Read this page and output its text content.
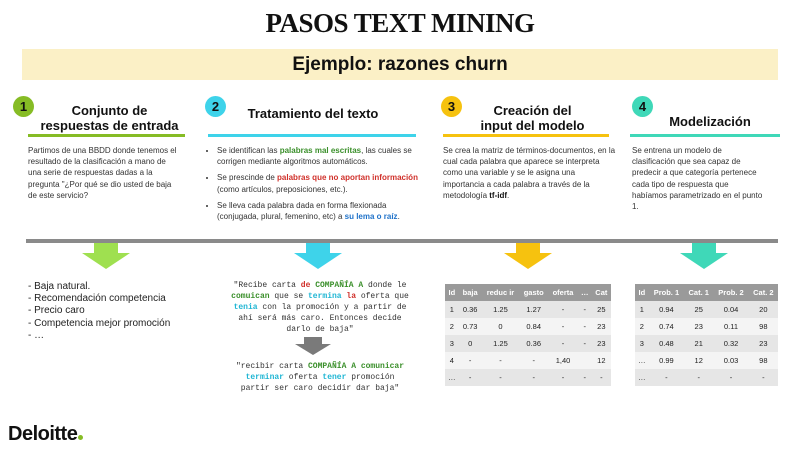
PASOS TEXT MINING
Ejemplo: razones churn
1	Conjunto de
respuestas de entrada
Partimos de una BBDD donde tenemos el
resultado de la clasificación a mano de
una serie de respuestas dadas a la
pregunta "¿Por qué se dio usted de baja
de este servicio?
2	Tratamiento del texto
• Se identifican las palabras mal escritas, las cuales se corrigen mediante algoritmos automáticos.
• Se prescinde de palabras que no aportan información (como artículos, preposiciones, etc.).
• Se lleva cada palabra dada en forma flexionada (conjugada, plural, femenino, etc) a su lema o raíz.
3	Creación del
input del modelo
Se crea la matriz de términos-documentos, en la cual cada palabra que aparece se interpreta como una variable y se le asigna una importancia a cada palabra a través de la metodología tf-idf.
4
Modelización
Se entrena un modelo de
clasificación que sea capaz de
predecir a que categoría pertenece
cada tipo de respuesta que
habíamos parametrizado en el punto
1.
- Baja natural.
- Recomendación competencia
- Precio caro
- Competencia mejor promoción
- …
"Recibe carta de COMPAÑÍA A donde le
comuican que se termina la oferta que
tenia con la promoción y a partir de
ahí será más caro. Entonces decide
darlo de baja"
"recibir carta COMPAÑÍA A comunicar
terminar oferta tener promoción
partir ser caro decidir dar baja"
Id	baja	reduc ir	gasto	oferta	…	Cat
1	0.36	1.25	1.27	-	-	25
2	0.73	0	0.84	-	-	23
3	0	1.25	0.36	-	-	23
4	-	-	-	1,40		12
…	-	-	-	-	-	-
Id	Prob. 1	Cat. 1	Prob. 2	Cat. 2
1	0.94	25	0.04	20
2	0.74	23	0.11	98
3	0.48	21	0.32	23
…	0.99	12	0.03	98
…	-	-	-	-
Deloitte
